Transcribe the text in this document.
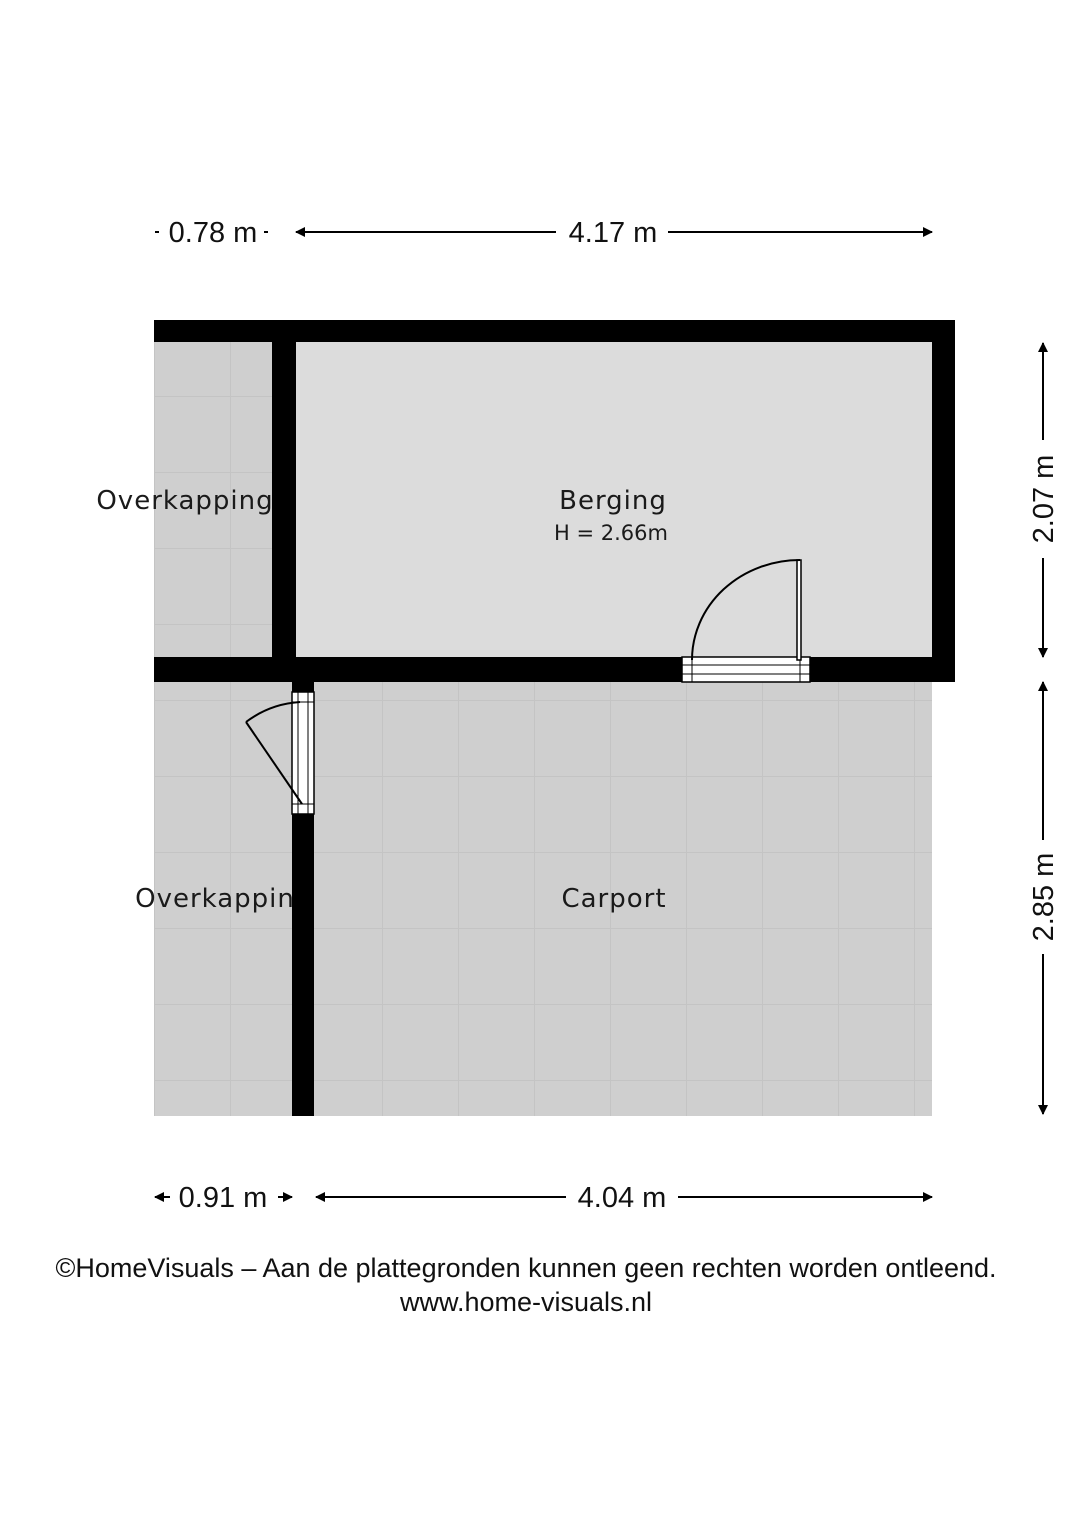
0.78 m	4.17 m
0.91 m	4.04 m
2.07 m
2.85 m
Overkapping	Berging
H = 2.66m
Overkappin	Carport
©HomeVisuals – Aan de plattegronden kunnen geen rechten worden ontleend.
www.home-visuals.nl
